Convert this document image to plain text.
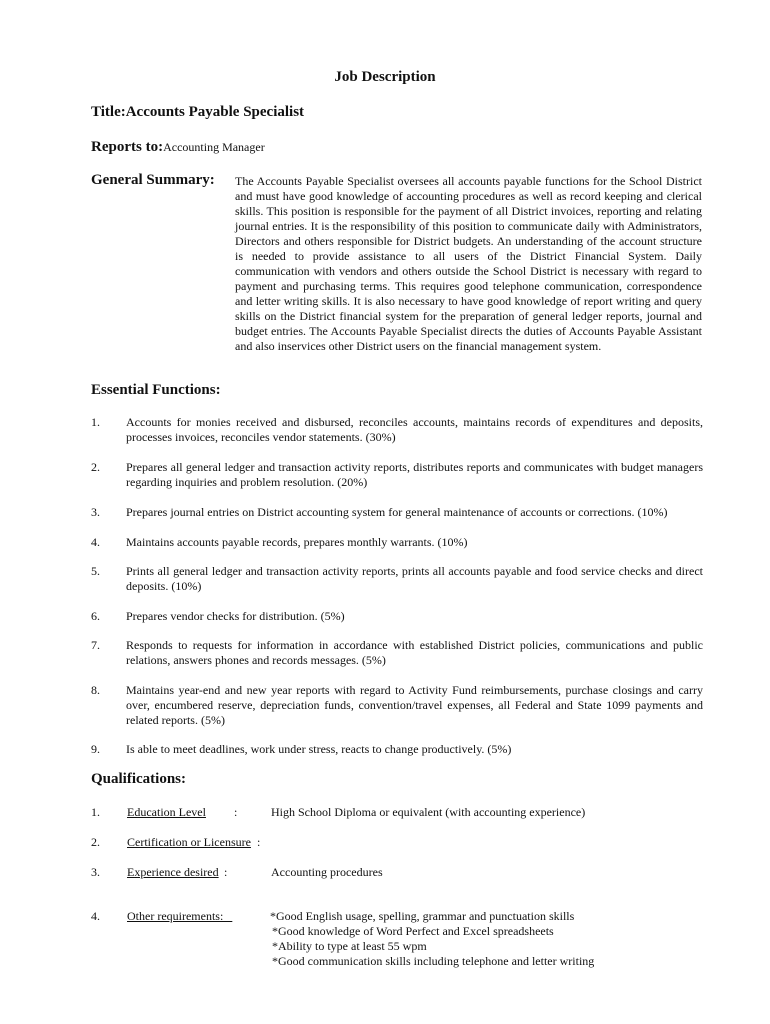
Job Description
Title:Accounts Payable Specialist
Reports to:Accounting Manager
General Summary: The Accounts Payable Specialist oversees all accounts payable functions for the School District and must have good knowledge of accounting procedures as well as record keeping and clerical skills. This position is responsible for the payment of all District invoices, reporting and relating journal entries. It is the responsibility of this position to communicate daily with Administrators, Directors and others responsible for District budgets. An understanding of the account structure is needed to provide assistance to all users of the District Financial System. Daily communication with vendors and others outside the School District is necessary with regard to payment and purchasing terms. This requires good telephone communication, correspondence and letter writing skills. It is also necessary to have good knowledge of report writing and query skills on the District financial system for the preparation of general ledger reports, journal and budget entries. The Accounts Payable Specialist directs the duties of Accounts Payable Assistant and also inservices other District users on the financial management system.
Essential Functions:
1. Accounts for monies received and disbursed, reconciles accounts, maintains records of expenditures and deposits, processes invoices, reconciles vendor statements. (30%)
2. Prepares all general ledger and transaction activity reports, distributes reports and communicates with budget managers regarding inquiries and problem resolution. (20%)
3. Prepares journal entries on District accounting system for general maintenance of accounts or corrections. (10%)
4. Maintains accounts payable records, prepares monthly warrants. (10%)
5. Prints all general ledger and transaction activity reports, prints all accounts payable and food service checks and direct deposits. (10%)
6. Prepares vendor checks for distribution. (5%)
7. Responds to requests for information in accordance with established District policies, communications and public relations, answers phones and records messages. (5%)
8. Maintains year-end and new year reports with regard to Activity Fund reimbursements, purchase closings and carry over, encumbered reserve, depreciation funds, convention/travel expenses, all Federal and State 1099 payments and related reports. (5%)
9. Is able to meet deadlines, work under stress, reacts to change productively. (5%)
Qualifications:
1. Education Level :	High School Diploma or equivalent (with accounting experience)
2. Certification or Licensure :
3. Experience desired :	Accounting procedures
4. Other requirements:	*Good English usage, spelling, grammar and punctuation skills
*Good knowledge of Word Perfect and Excel spreadsheets
*Ability to type at least 55 wpm
*Good communication skills including telephone and letter writing
